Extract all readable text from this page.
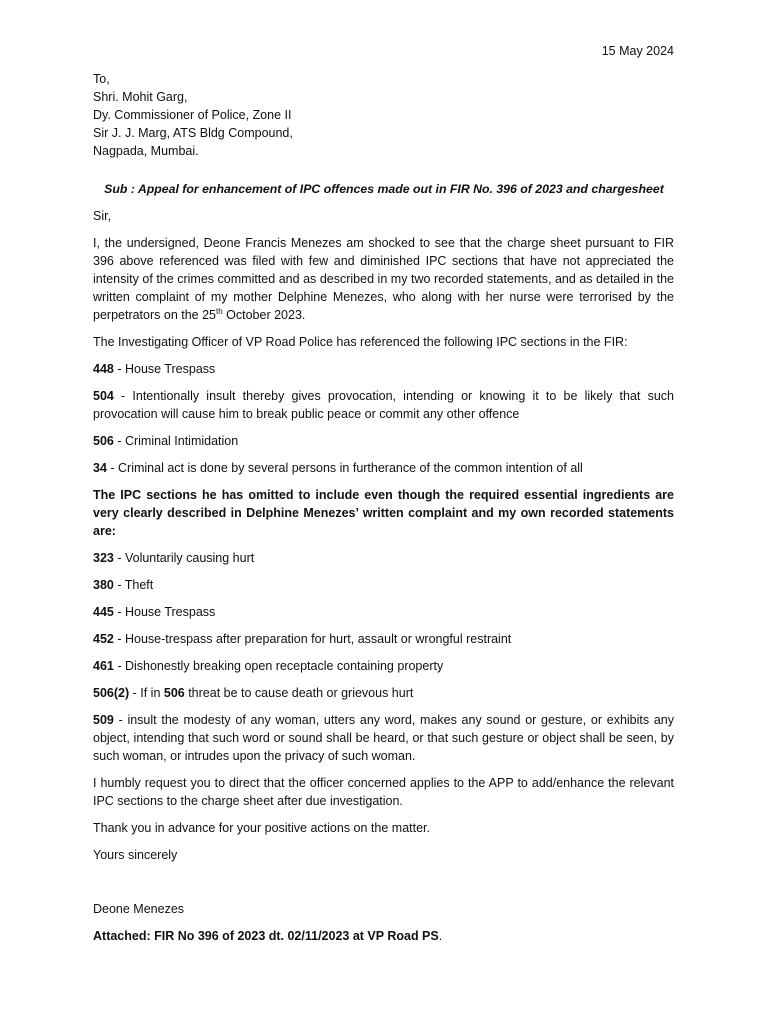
15 May 2024
To,
Shri. Mohit Garg,
Dy. Commissioner of Police, Zone II
Sir J. J. Marg, ATS Bldg Compound,
Nagpada, Mumbai.
Sub : Appeal for enhancement of IPC offences made out in FIR No. 396 of 2023 and chargesheet

Sir,

I, the undersigned, Deone Francis Menezes am shocked to see that the charge sheet pursuant to FIR 396 above referenced was filed with few and diminished IPC sections that have not appreciated the intensity of the crimes committed and as described in my two recorded statements, and as detailed in the written complaint of my mother Delphine Menezes, who along with her nurse were terrorised by the perpetrators on the 25th October 2023.

The Investigating Officer of VP Road Police has referenced the following IPC sections in the FIR:

448 - House Trespass

504 - Intentionally insult thereby gives provocation, intending or knowing it to be likely that such provocation will cause him to break public peace or commit any other offence

506 - Criminal Intimidation

34 - Criminal act is done by several persons in furtherance of the common intention of all

The IPC sections he has omitted to include even though the required essential ingredients are very clearly described in Delphine Menezes’ written complaint and my own recorded statements are:

323 - Voluntarily causing hurt

380 - Theft

445 - House Trespass

452 - House-trespass after preparation for hurt, assault or wrongful restraint

461 - Dishonestly breaking open receptacle containing property

506(2) - If in 506 threat be to cause death or grievous hurt

509 - insult the modesty of any woman, utters any word, makes any sound or gesture, or exhibits any object, intending that such word or sound shall be heard, or that such gesture or object shall be seen, by such woman, or intrudes upon the privacy of such woman.

I humbly request you to direct that the officer concerned applies to the APP to add/enhance the relevant IPC sections to the charge sheet after due investigation.

Thank you in advance for your positive actions on the matter.

Yours sincerely

Deone Menezes

Attached: FIR No 396 of 2023 dt. 02/11/2023 at VP Road PS.
